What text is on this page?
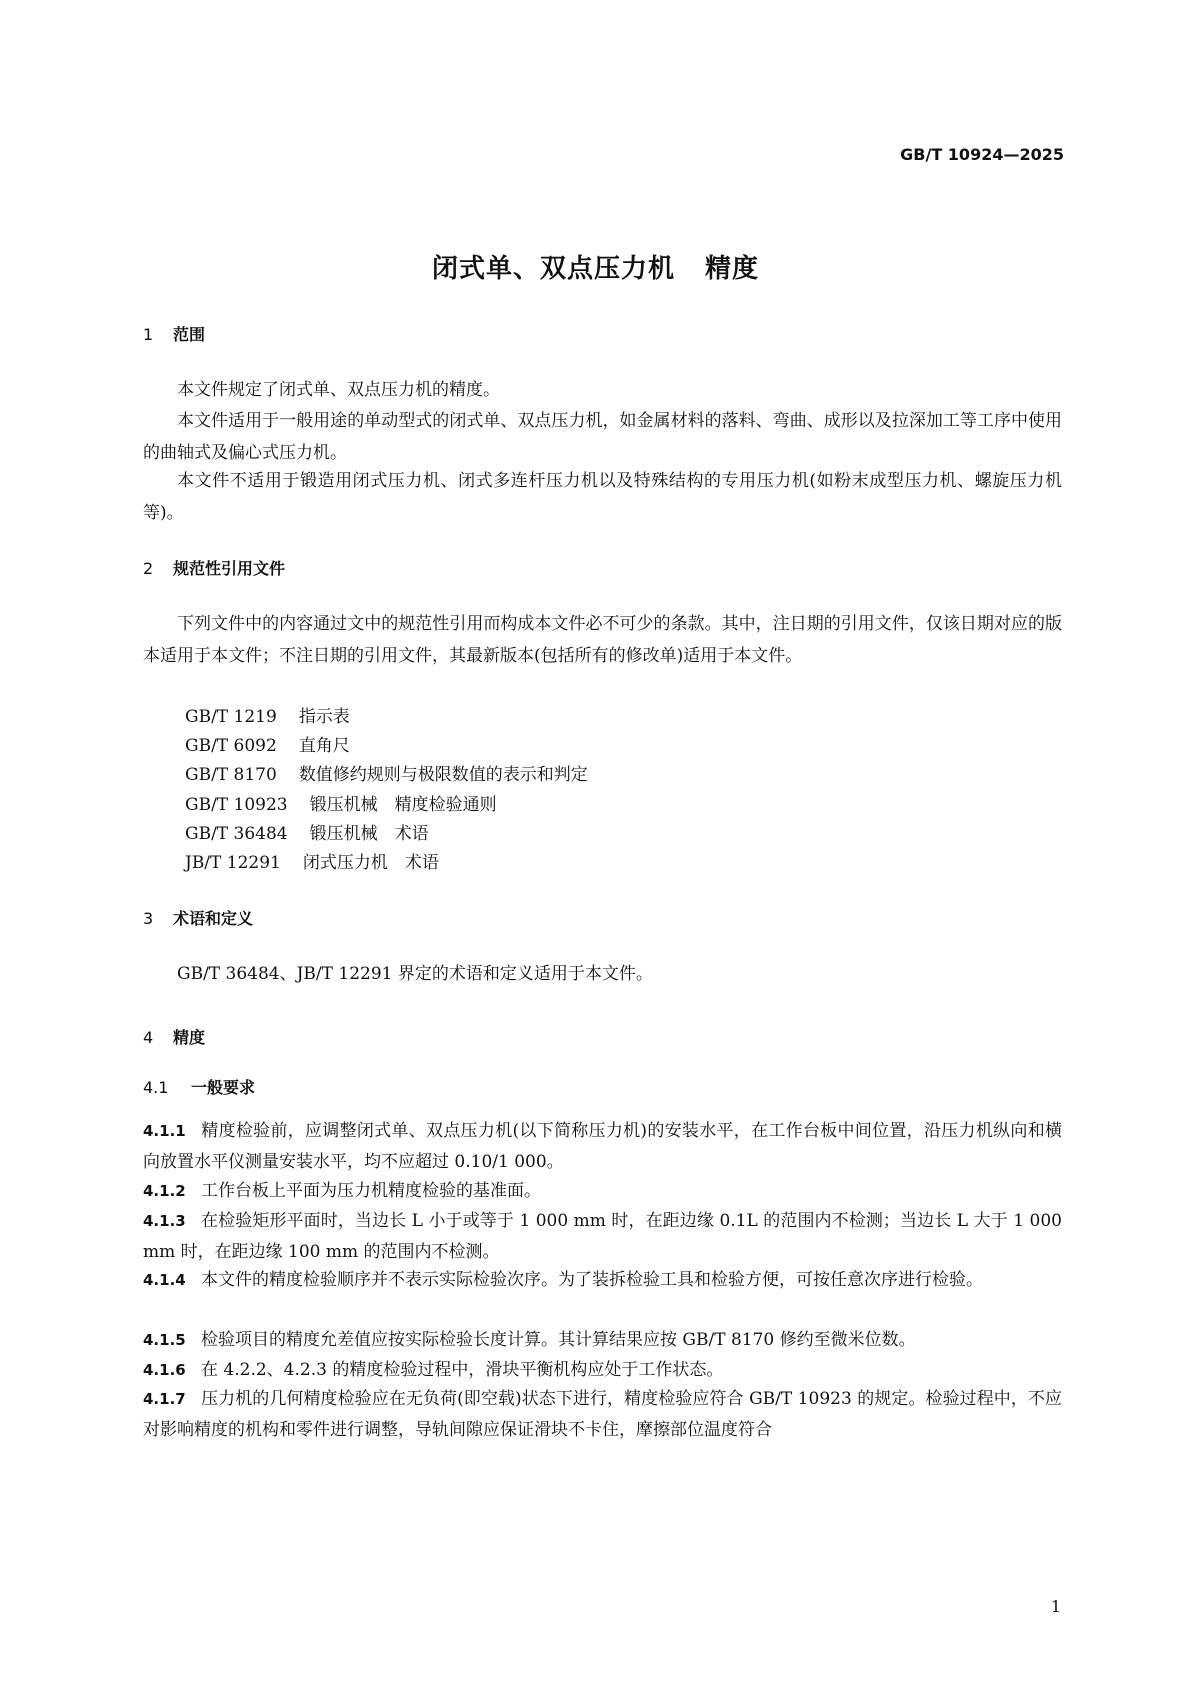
GB/T 10924—2025
闭式单、双点压力机 精度
1 范围
本文件规定了闭式单、双点压力机的精度。
本文件适用于一般用途的单动型式的闭式单、双点压力机，如金属材料的落料、弯曲、成形以及拉深加工等工序中使用的曲轴式及偏心式压力机。
本文件不适用于锻造用闭式压力机、闭式多连杆压力机以及特殊结构的专用压力机(如粉末成型压力机、螺旋压力机等)。
2 规范性引用文件
下列文件中的内容通过文中的规范性引用而构成本文件必不可少的条款。其中，注日期的引用文件，仅该日期对应的版本适用于本文件；不注日期的引用文件，其最新版本(包括所有的修改单)适用于本文件。
GB/T 1219 指示表
GB/T 6092 直角尺
GB/T 8170 数值修约规则与极限数值的表示和判定
GB/T 10923 锻压机械　精度检验通则
GB/T 36484 锻压机械　术语
JB/T 12291 闭式压力机　术语
3 术语和定义
GB/T 36484、JB/T 12291 界定的术语和定义适用于本文件。
4 精度
4.1 一般要求
4.1.1 精度检验前，应调整闭式单、双点压力机(以下简称压力机)的安装水平，在工作台板中间位置，沿压力机纵向和横向放置水平仪测量安装水平，均不应超过 0.10/1 000。
4.1.2 工作台板上平面为压力机精度检验的基准面。
4.1.3 在检验矩形平面时，当边长 L 小于或等于 1 000 mm 时，在距边缘 0.1L 的范围内不检测；当边长 L 大于 1 000 mm 时，在距边缘 100 mm 的范围内不检测。
4.1.4 本文件的精度检验顺序并不表示实际检验次序。为了装拆检验工具和检验方便，可按任意次序进行检验。
4.1.5 检验项目的精度允差值应按实际检验长度计算。其计算结果应按 GB/T 8170 修约至微米位数。
4.1.6 在 4.2.2、4.2.3 的精度检验过程中，滑块平衡机构应处于工作状态。
4.1.7 压力机的几何精度检验应在无负荷(即空载)状态下进行，精度检验应符合 GB/T 10923 的规定。检验过程中，不应对影响精度的机构和零件进行调整，导轨间隙应保证滑块不卡住，摩擦部位温度符合
1
